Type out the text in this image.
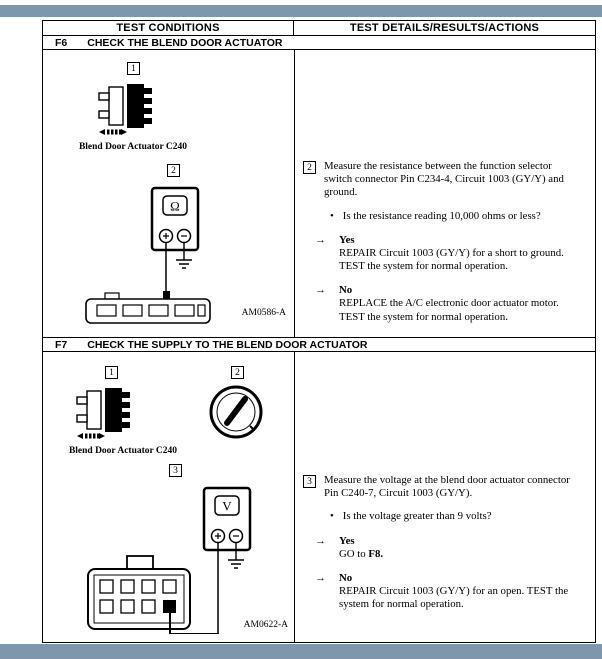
TEST CONDITIONS	TEST DETAILS/RESULTS/ACTIONS
F6 CHECK THE BLEND DOOR ACTUATOR
1
Blend Door Actuator C240
2
Ω
AM0586-A
2	Measure the resistance between the function selector switch connector Pin C234-4, Circuit 1003 (GY/Y) and ground.

• Is the resistance reading 10,000 ohms or less?

→	Yes

REPAIR Circuit 1003 (GY/Y) for a short to ground. TEST the system for normal operation.

→	No

REPLACE the A/C electronic door actuator motor. TEST the system for normal operation.

F7 CHECK THE SUPPLY TO THE BLEND DOOR ACTUATOR
1	2
Blend Door Actuator C240
3
V
AM0622-A
3	Measure the voltage at the blend door actuator connector Pin C240-7, Circuit 1003 (GY/Y).

• Is the voltage greater than 9 volts?

→	Yes

GO to F8.

→	No

REPAIR Circuit 1003 (GY/Y) for an open. TEST the system for normal operation.
